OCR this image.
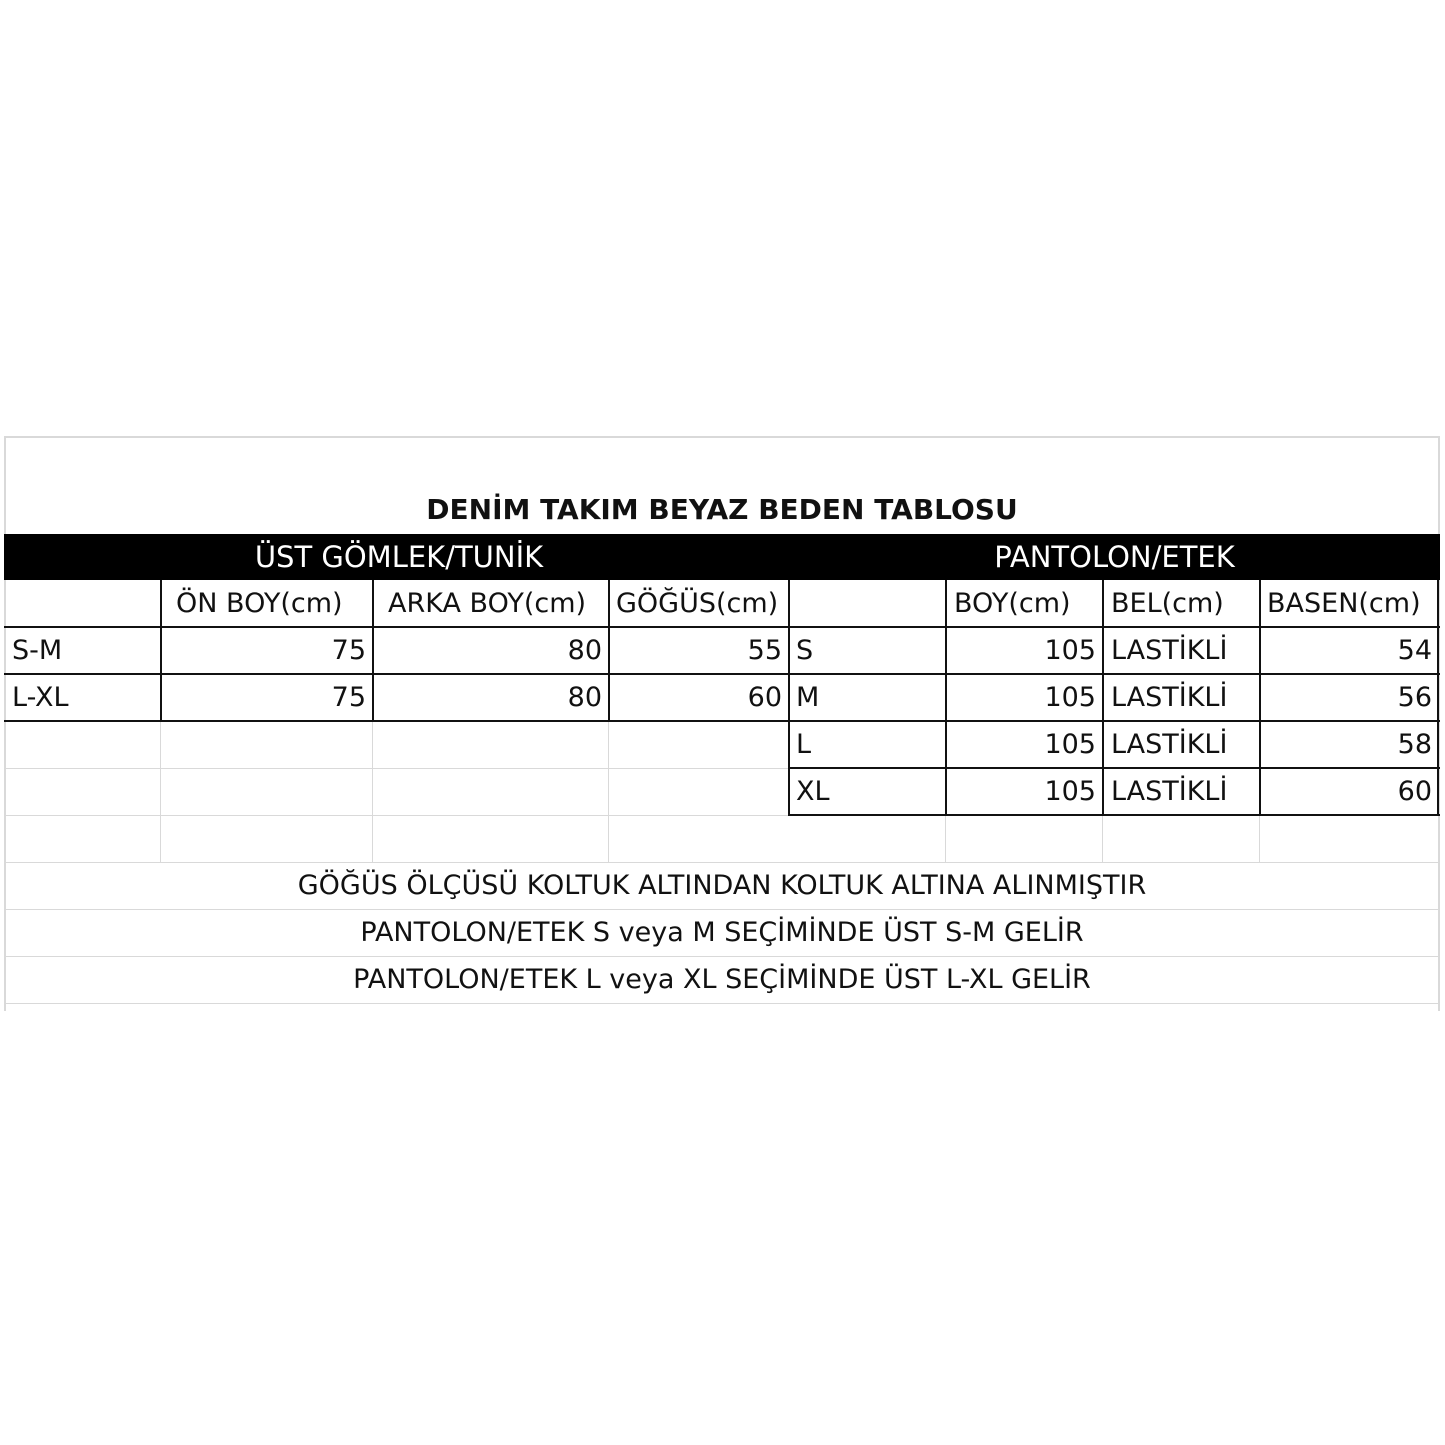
DENİM TAKIM BEYAZ BEDEN TABLOSU
ÜST GÖMLEK/TUNİK	PANTOLON/ETEK
ÖN BOY(cm) ARKA BOY(cm) GÖĞÜS(cm)	BOY(cm) BEL(cm) BASEN(cm)
S-M	75	80	55
L-XL	75	80	60
S	105 LASTİKLİ	54
M	105 LASTİKLİ	56
L	105 LASTİKLİ	58
XL	105 LASTİKLİ	60
GÖĞÜS ÖLÇÜSÜ KOLTUK ALTINDAN KOLTUK ALTINA ALINMIŞTIR
PANTOLON/ETEK S veya M SEÇİMİNDE ÜST S-M GELİR
PANTOLON/ETEK L veya XL SEÇİMİNDE ÜST L-XL GELİR
